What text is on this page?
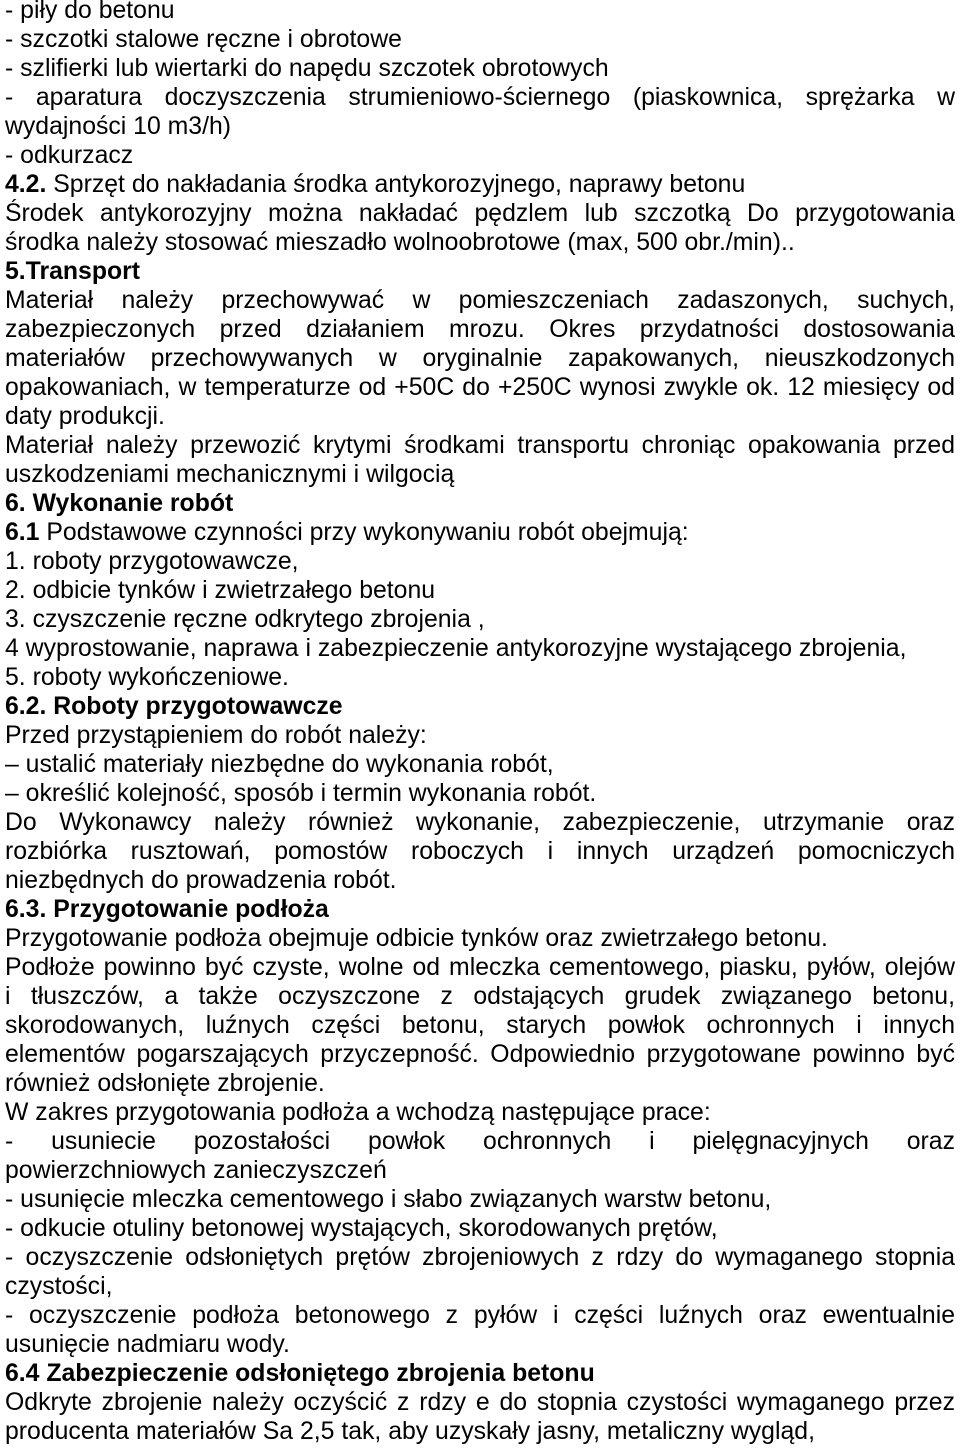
- piły do betonu
- szczotki stalowe ręczne i obrotowe
- szlifierki lub wiertarki do napędu szczotek obrotowych
- aparatura doczyszczenia strumieniowo-ściernego (piaskownica, sprężarka w
wydajności 10 m3/h)
- odkurzacz
4.2. Sprzęt do nakładania środka antykorozyjnego, naprawy betonu
Środek antykorozyjny można nakładać pędzlem lub szczotką Do przygotowania
środka należy stosować mieszadło wolnoobrotowe (max, 500 obr./min)..
5.Transport
Materiał należy przechowywać w pomieszczeniach zadaszonych, suchych,
zabezpieczonych przed działaniem mrozu. Okres przydatności dostosowania
materiałów przechowywanych w oryginalnie zapakowanych, nieuszkodzonych
opakowaniach, w temperaturze od +50C do +250C wynosi zwykle ok. 12 miesięcy od
daty produkcji.
Materiał należy przewozić krytymi środkami transportu chroniąc opakowania przed
uszkodzeniami mechanicznymi i wilgocią
6. Wykonanie robót
6.1 Podstawowe czynności przy wykonywaniu robót obejmują:
1. roboty przygotowawcze,
2. odbicie tynków i zwietrzałego betonu
3. czyszczenie ręczne odkrytego zbrojenia ,
4 wyprostowanie, naprawa i zabezpieczenie antykorozyjne wystającego zbrojenia,
5. roboty wykończeniowe.
6.2. Roboty przygotowawcze
Przed przystąpieniem do robót należy:
– ustalić materiały niezbędne do wykonania robót,
– określić kolejność, sposób i termin wykonania robót.
Do Wykonawcy należy również wykonanie, zabezpieczenie, utrzymanie oraz
rozbiórka rusztowań, pomostów roboczych i innych urządzeń pomocniczych
niezbędnych do prowadzenia robót.
6.3. Przygotowanie podłoża
Przygotowanie podłoża obejmuje odbicie tynków oraz zwietrzałego betonu.
Podłoże powinno być czyste, wolne od mleczka cementowego, piasku, pyłów, olejów
i tłuszczów, a także oczyszczone z odstających grudek związanego betonu,
skorodowanych, luźnych części betonu, starych powłok ochronnych i innych
elementów pogarszających przyczepność. Odpowiednio przygotowane powinno być
również odsłonięte zbrojenie.
W zakres przygotowania podłoża a wchodzą następujące prace:
- usuniecie pozostałości powłok ochronnych i pielęgnacyjnych oraz
powierzchniowych zanieczyszczeń
- usunięcie mleczka cementowego i słabo związanych warstw betonu,
- odkucie otuliny betonowej wystających, skorodowanych prętów,
- oczyszczenie odsłoniętych prętów zbrojeniowych z rdzy do wymaganego stopnia
czystości,
- oczyszczenie podłoża betonowego z pyłów i części luźnych oraz ewentualnie
usunięcie nadmiaru wody.
6.4 Zabezpieczenie odsłoniętego zbrojenia betonu
Odkryte zbrojenie należy oczyścić z rdzy e do stopnia czystości wymaganego przez
producenta materiałów Sa 2,5 tak, aby uzyskały jasny, metaliczny wygląd,
